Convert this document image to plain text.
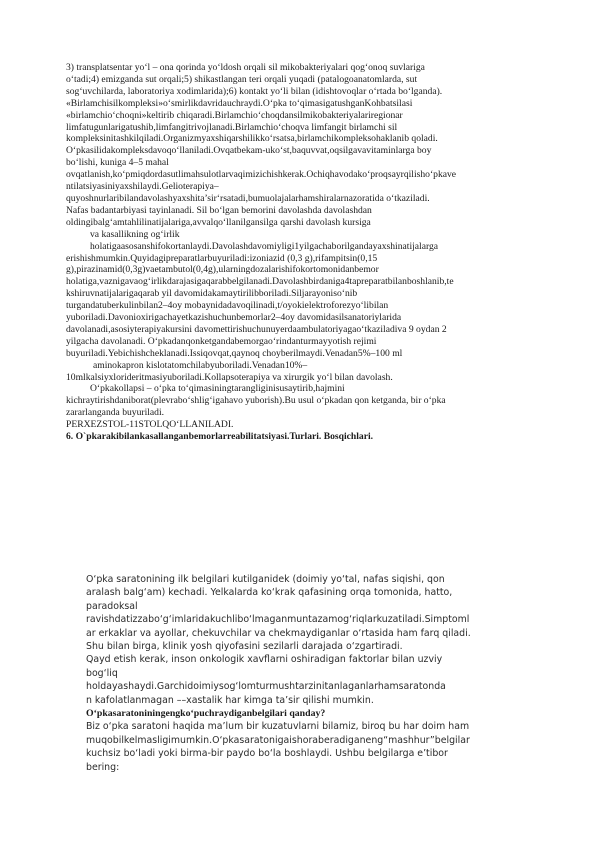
3) transplatsentar yo‘l – ona qorinda yo‘ldosh orqali sil mikobakteriyalari qog‘onoq suvlariga
o‘tadi;4) emizganda sut orqali;5) shikastlangan teri orqali yuqadi (patalogoanatomlarda, sut
sog‘uvchilarda, laboratoriya xodimlarida);6) kontakt yo‘li bilan (idishtovoqlar o‘rtada bo‘lganda).
«Birlamchisilkompleksi»o‘smirlikdavridauchraydi.O‘pka to‘qimasigatushganKohbatsilasi
«birlamchio‘choqni»keltirib chiqaradi.Birlamchio‘choqdansilmikobakteriyalariregionar
limfatugunlarigatushib,limfangitrivojlanadi.Birlamchio‘choqva limfangit birlamchi sil
kompleksinitashkilqiladi.Organizmyaxshiqarshilikko‘rsatsa,birlamchikompleksohaklanib qoladi.
O‘pkasilidakompleksdavoqo‘llaniladi.Ovqatbekam-uko‘st,baquvvat,oqsilgavavitaminlarga boy
bo‘lishi, kuniga 4–5 mahal
ovqatlanish,ko‘pmiqdordasutlimahsulotlarvaqimizichishkerak.Ochiqhavodako‘proqsayrqilisho‘pkave
ntilatsiyasiniyaxshilaydi.Gelioterapiya–
quyoshnurlaribilandavolashyaxshita’sir‘rsatadi,bumuolajalarhamshiralarnazoratida o‘tkaziladi.
Nafas badantarbiyasi tayinlanadi. Sil bo‘lgan bemorini davolashda davolashdan
oldingibalg‘amtahlilinatijalariga,avvalqo‘llanilgansilga qarshi davolash kursiga
va kasallikning og‘irlik
holatigaasosanshifokortanlaydi.Davolashdavomiyligi1yilgachaborilgandayaxshinatijalarga
erishishmumkin.Quyidagipreparatlarbuyuriladi:izoniazid (0,3 g),rifampitsin(0,15
g),pirazinamid(0,3g)vaetambutol(0,4g),ularningdozalarishifokortomonidanbemor
holatiga,vaznigavaog‘irlikdarajasigaqarabbelgilanadi.Davolashbirdaniga4tapreparatbilanboshlanib,te
kshiruvnatijalarigaqarab yil davomidakamaytirilibboriladi.Siljarayoniso‘nib
turgandatuberkulinbilan2–4oy mobaynidadavoqilinadi,t/oyokielektroforezyo‘libilan
yuboriladi.Davonioxirigachayetkazishuchunbemorlar2–4oy davomidasilsanatoriylarida
davolanadi,asosiyterapiyakursini davomettirishuchunuyerdaambulatoriyagao‘tkaziladiva 9 oydan 2
yilgacha davolanadi. O‘pkadanqonketgandabemorgao‘rindanturmayyotish rejimi
buyuriladi.Yebichishcheklanadi.Issiqovqat,qaynoq choyberilmaydi.Venadan5%–100 ml
aminokapron kislotatomchilabyuboriladi.Venadan10%–
10mlkalsiyxlorideritmasiyuboriladi.Kollapsoterapiya va xirurgik yo‘l bilan davolash.
O‘pkakollapsi – o‘pka to‘qimasiningtarangliginisusaytirib,hajmini
kichraytirishdaniborat(plevrabo‘shlig‘igahavo yuborish).Bu usul o‘pkadan qon ketganda, bir o‘pka
zararlanganda buyuriladi.
PERXEZSTOL-11STOLQO‘LLANILADI.
6. O`pkarakibilankasallanganbemorlarreabilitatsiyasi.Turlari. Bosqichlari.
O‘pka saratonining ilk belgilari kutilganidek (doimiy yo‘tal, nafas siqishi, qon
aralash balg‘am) kechadi. Yelkalarda ko‘krak qafasining orqa tomonida, hatto,
paradoksal
ravishdatizzabo‘g‘imlaridakuchlibo‘lmaganmuntazamog‘riqlarkuzatiladi.Simptoml
ar erkaklar va ayollar, chekuvchilar va chekmaydiganlar o‘rtasida ham farq qiladi.
Shu bilan birga, klinik yosh qiyofasini sezilarli darajada o‘zgartiradi.
Qayd etish kerak, inson onkologik xavflarni oshiradigan faktorlar bilan uzviy
bog‘liq
holdayashaydi.Garchidoimiysog‘lomturmushtarzinitanlaganlarhamsaratonda
n kafolatlanmagan ––xastalik har kimga ta’sir qilishi mumkin.
O‘pkasaratoniningengko‘puchraydiganbelgilari qanday?
Biz o‘pka saratoni haqida ma’lum bir kuzatuvlarni bilamiz, biroq bu har doim ham
muqobilkelmasligimumkin.O‘pkasaratonigaishoraberadiganeng“mashhur”belgilar
kuchsiz bo‘ladi yoki birma-bir paydo bo‘la boshlaydi. Ushbu belgilarga e’tibor
bering:
